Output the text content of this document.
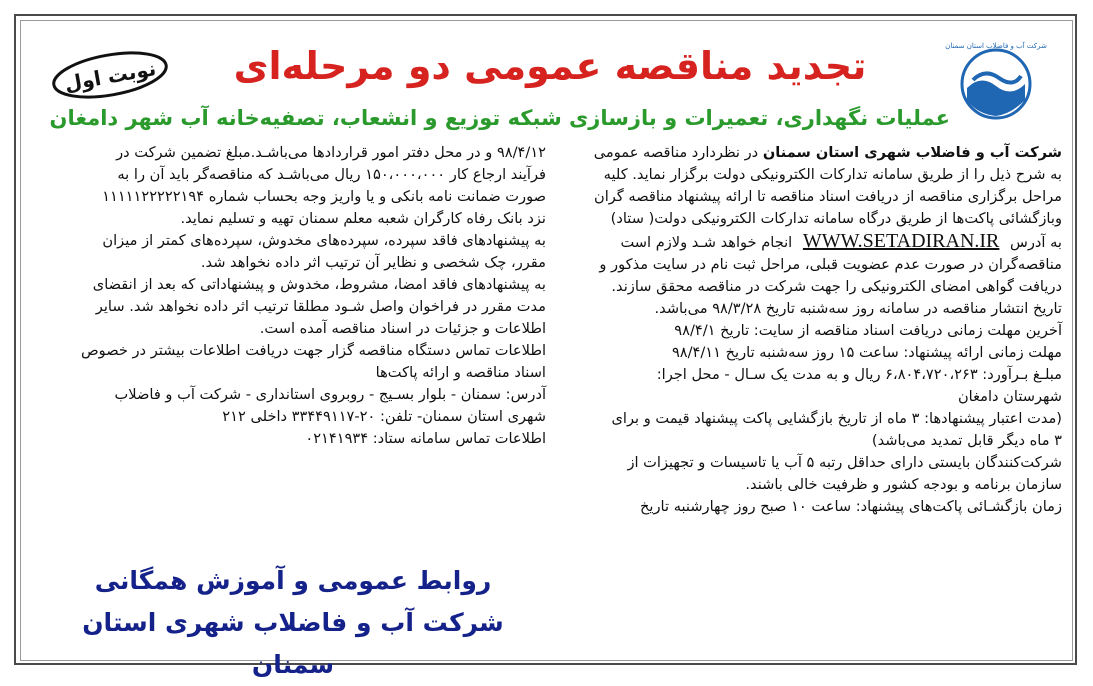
شرکت آب و فاضلاب استان سمنان
نوبت اول	تجدید مناقصه عمومی دو مرحله‌ای
عملیات نگهداری، تعمیرات و بازسازی شبکه توزیع و انشعاب، تصفیه‌خانه آب شهر دامغان
شرکت آب و فاضلاب شهری استان سمنان در نظردارد مناقصه عمومی
به شرح ذیل را از طریق سامانه تدارکات الکترونیکی دولت برگزار نماید. کلیه
مراحل برگزاری مناقصه از دریافت اسناد مناقصه تا ارائه پیشنهاد مناقصه گران
وبازگشائی پاکت‌ها از طریق درگاه سامانه تدارکات الکترونیکی دولت( ستاد)
به آدرس WWW.SETADIRAN.IR انجام خواهد شـد ولازم است
مناقصه‌گران در صورت عدم عضویت قبلی، مراحل ثبت نام در سایت مذکور و
دریافت گواهی امضای الکترونیکی را جهت شرکت در مناقصه محقق سازند.
تاریخ انتشار مناقصه در سامانه روز سه‌شنبه تاریخ ۹۸/۳/۲۸ می‌باشد.
آخرین مهلت زمانی دریافت اسناد مناقصه از سایت: تاریخ ۹۸/۴/۱
مهلت زمانی ارائه پیشنهاد: ساعت ۱۵ روز سه‌شنبه تاریخ ۹۸/۴/۱۱
مبلـغ بـرآورد: ۶،۸۰۴،۷۲۰،۲۶۳ ریال و به مدت یک سـال - محل اجرا:
شهرستان دامغان
(مدت اعتبار پیشنهادها: ۳ ماه از تاریخ بازگشایی پاکت پیشنهاد قیمت و برای
۳ ماه دیگر قابل تمدید می‌باشد)
شرکت‌کنندگان بایستی دارای حداقل رتبه ۵ آب یا تاسیسات و تجهیزات از
سازمان برنامه و بودجه کشور و ظرفیت خالی باشند.
زمان بازگشـائی پاکت‌های پیشنهاد: ساعت ۱۰ صبح روز چهارشنبه تاریخ
۹۸/۴/۱۲ و در محل دفتر امور قراردادها می‌باشـد.مبلغ تضمین شرکت در
فرآیند ارجاع کار ۱۵۰،۰۰۰،۰۰۰ ریال می‌باشـد که مناقصه‌گر باید آن را به
صورت ضمانت نامه بانکی و یا واریز وجه بحساب شماره ۱۱۱۱۱۲۲۲۲۲۱۹۴
نزد بانک رفاه کارگران شعبه معلم سمنان تهیه و تسلیم نماید.
به پیشنهادهای فاقد سپرده، سپرده‌های مخدوش، سپرده‌های کمتر از میزان
مقرر، چک شخصی و نظایر آن ترتیب اثر داده نخواهد شد.
به پیشنهادهای فاقد امضا، مشروط، مخدوش و پیشنهاداتی که بعد از انقضای
مدت مقرر در فراخوان واصل شـود مطلقا ترتیب اثر داده نخواهد شد. سایر
اطلاعات و جزئیات در اسناد مناقصه آمده است.
اطلاعات تماس دستگاه مناقصه گزار جهت دریافت اطلاعات بیشتر در خصوص
اسناد مناقصه و ارائه پاکت‌ها
آدرس: سمنان - بلوار بسـیج - روبروی استانداری - شرکت آب و فاضلاب
شهری استان سمنان- تلفن: ۲۰-۳۳۴۴۹۱۱۷ داخلی ۲۱۲
اطلاعات تماس سامانه ستاد: ۰۲۱۴۱۹۳۴
روابط عمومی و آموزش همگانی
شرکت آب و فاضلاب شهری استان سمنان
